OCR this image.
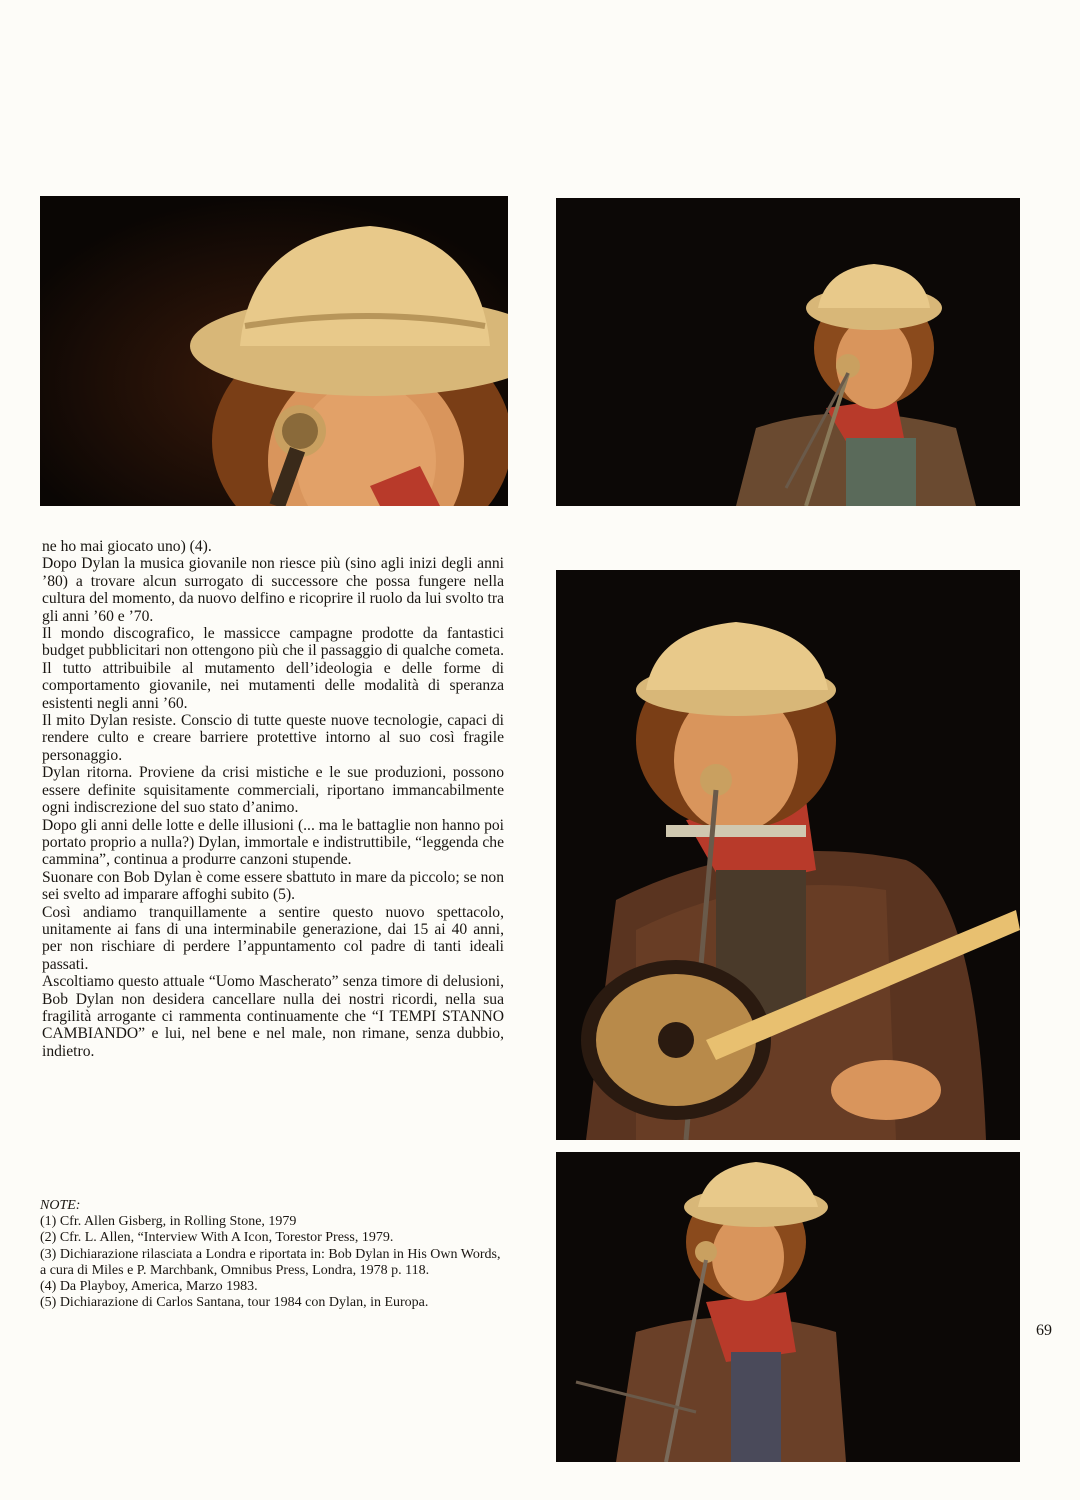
ne ho mai giocato uno) (4).

Dopo Dylan la musica giovanile non riesce più (sino agli inizi degli anni ’80) a trovare alcun surrogato di successore che possa fungere nella cultura del momento, da nuovo delfino e ricoprire il ruolo da lui svolto tra gli anni ’60 e ’70.

Il mondo discografico, le massicce campagne prodotte da fantastici budget pubblicitari non ottengono più che il passaggio di qualche cometa. Il tutto attribuibile al mutamento dell’ideologia e delle forme di comportamento giovanile, nei mutamenti delle modalità di speranza esistenti negli anni ’60.

Il mito Dylan resiste. Conscio di tutte queste nuove tecnologie, capaci di rendere culto e creare barriere protettive intorno al suo così fragile personaggio.

Dylan ritorna. Proviene da crisi mistiche e le sue produzioni, possono essere definite squisitamente commerciali, riportano immancabilmente ogni indiscrezione del suo stato d’animo.

Dopo gli anni delle lotte e delle illusioni (... ma le battaglie non hanno poi portato proprio a nulla?) Dylan, immortale e indistruttibile, “leggenda che cammina”, continua a produrre canzoni stupende.

Suonare con Bob Dylan è come essere sbattuto in mare da piccolo; se non sei svelto ad imparare affoghi subito (5).

Così andiamo tranquillamente a sentire questo nuovo spettacolo, unitamente ai fans di una interminabile generazione, dai 15 ai 40 anni, per non rischiare di perdere l’appuntamento col padre di tanti ideali passati.

Ascoltiamo questo attuale “Uomo Mascherato” senza timore di delusioni, Bob Dylan non desidera cancellare nulla dei nostri ricordi, nella sua fragilità arrogante ci rammenta continuamente che “I TEMPI STANNO CAMBIANDO” e lui, nel bene e nel male, non rimane, senza dubbio, indietro.

NOTE:

(1) Cfr. Allen Gisberg, in Rolling Stone, 1979

(2) Cfr. L. Allen, “Interview With A Icon, Torestor Press, 1979.

(3) Dichiarazione rilasciata a Londra e riportata in: Bob Dylan in His Own Words, a cura di Miles e P. Marchbank, Omnibus Press, Londra, 1978 p. 118.

(4) Da Playboy, America, Marzo 1983.

(5) Dichiarazione di Carlos Santana, tour 1984 con Dylan, in Europa.

69
